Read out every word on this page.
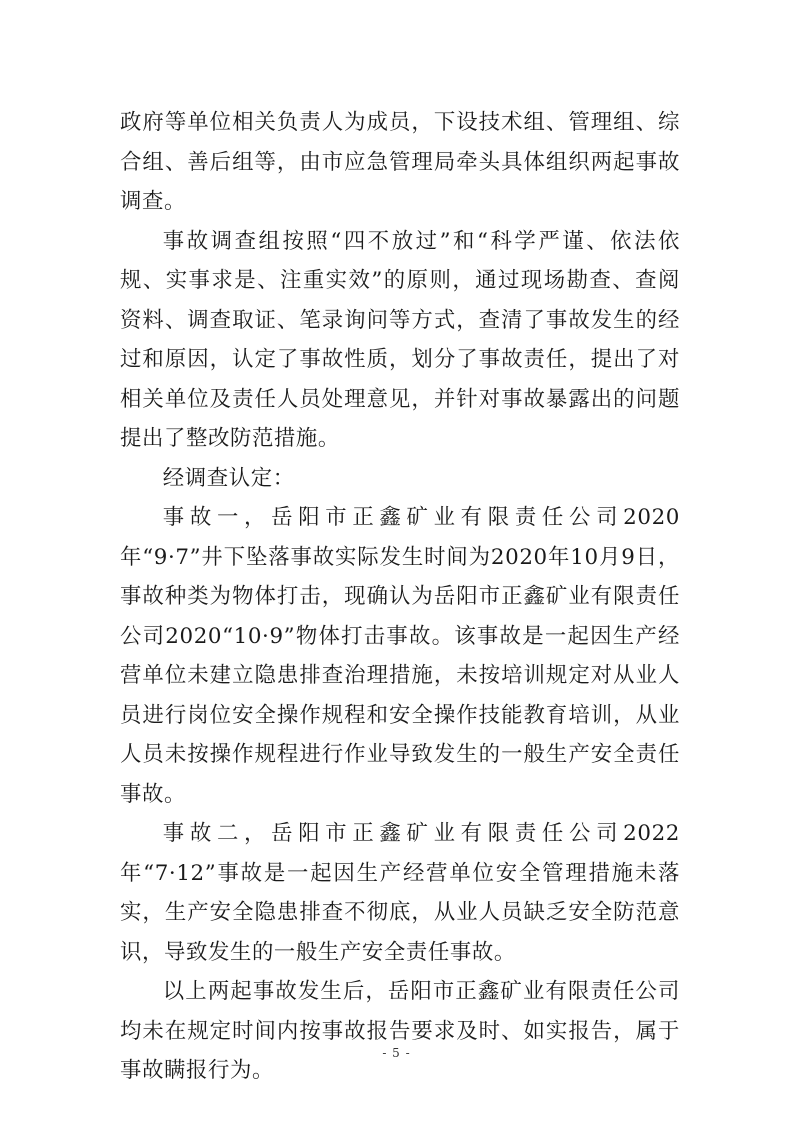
政府等单位相关负责人为成员，下设技术组、管理组、综合组、善后组等，由市应急管理局牵头具体组织两起事故调查。

事故调查组按照“四不放过”和“科学严谨、依法依规、实事求是、注重实效”的原则，通过现场勘查、查阅资料、调查取证、笔录询问等方式，查清了事故发生的经过和原因，认定了事故性质，划分了事故责任，提出了对相关单位及责任人员处理意见，并针对事故暴露出的问题提出了整改防范措施。

经调查认定：

事故一，岳阳市正鑫矿业有限责任公司2020年“9·7”井下坠落事故实际发生时间为2020年10月9日，事故种类为物体打击，现确认为岳阳市正鑫矿业有限责任公司2020“10·9”物体打击事故。该事故是一起因生产经营单位未建立隐患排查治理措施，未按培训规定对从业人员进行岗位安全操作规程和安全操作技能教育培训，从业人员未按操作规程进行作业导致发生的一般生产安全责任事故。

事故二，岳阳市正鑫矿业有限责任公司2022年“7·12”事故是一起因生产经营单位安全管理措施未落实，生产安全隐患排查不彻底，从业人员缺乏安全防范意识，导致发生的一般生产安全责任事故。

以上两起事故发生后，岳阳市正鑫矿业有限责任公司均未在规定时间内按事故报告要求及时、如实报告，属于事故瞒报行为。

- 5 -
